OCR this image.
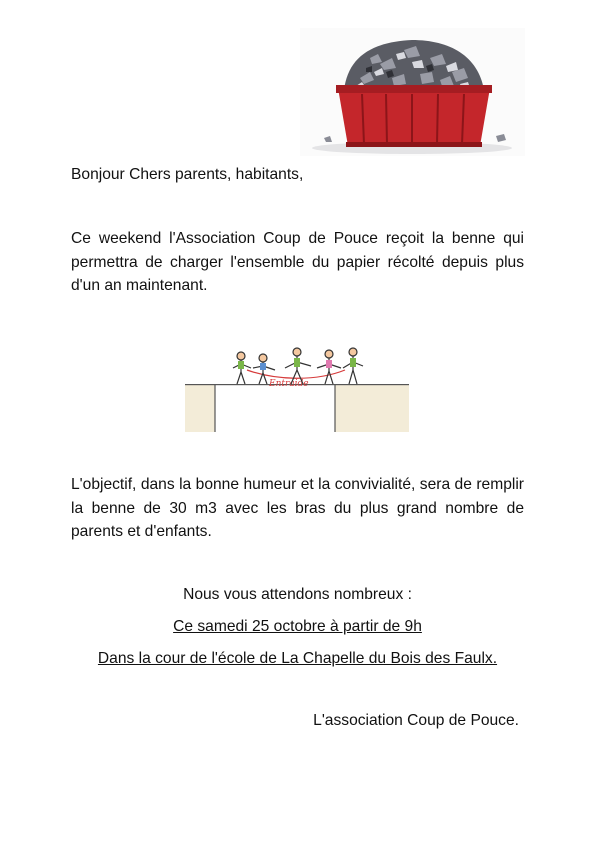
Bonjour Chers parents, habitants,

Ce weekend l'Association Coup de Pouce reçoit la benne qui permettra de charger l'ensemble du papier récolté depuis plus d'un an maintenant.

Entraide

L'objectif, dans la bonne humeur et la convivialité, sera de remplir la benne de 30 m3 avec les bras du plus grand nombre de parents et d'enfants.

Nous vous attendons nombreux :

Ce samedi 25 octobre à partir de 9h

Dans la cour de l'école de La Chapelle du Bois des Faulx.

L'association Coup de Pouce.
